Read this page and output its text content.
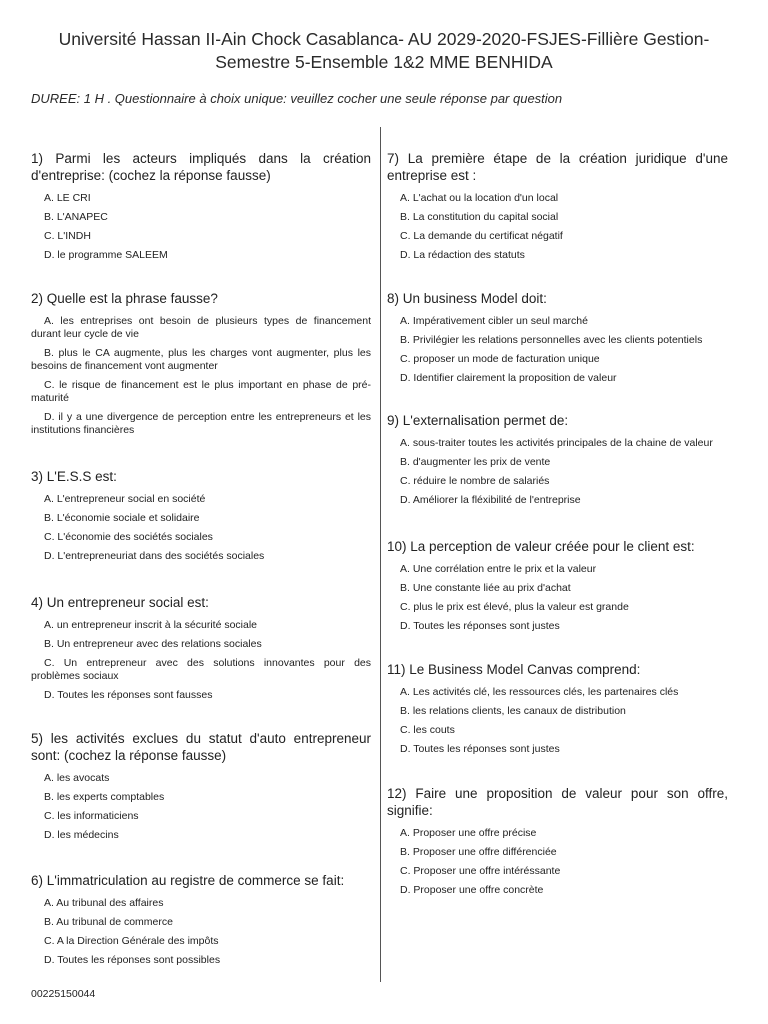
Université Hassan II-Ain Chock Casablanca- AU 2029-2020-FSJES-Fillière Gestion-
Semestre 5-Ensemble 1&2 MME BENHIDA
DUREE: 1 H . Questionnaire à choix unique: veuillez cocher une seule réponse par question

1) Parmi les acteurs impliqués dans la création d'entreprise: (cochez la réponse fausse)

A. LE CRI

B. L'ANAPEC

C. L'INDH

D. le programme SALEEM

2) Quelle est la phrase fausse?

A. les entreprises ont besoin de plusieurs types de financement durant leur cycle de vie

B. plus le CA augmente, plus les charges vont augmenter, plus les besoins de financement vont augmenter

C. le risque de financement est le plus important en phase de pré-maturité

D. il y a une divergence de perception entre les entrepreneurs et les institutions financières

3) L'E.S.S est:

A. L'entrepreneur social en société

B. L'économie sociale et solidaire

C. L'économie des sociétés sociales

D. L'entrepreneuriat dans des sociétés sociales

4) Un entrepreneur social est:

A. un entrepreneur inscrit à la sécurité sociale

B. Un entrepreneur avec des relations sociales

C. Un entrepreneur avec des solutions innovantes pour des problèmes sociaux

D. Toutes les réponses sont fausses

5) les activités exclues du statut d'auto entrepreneur sont: (cochez la réponse fausse)

A. les avocats

B. les experts comptables

C. les informaticiens

D. les médecins

6) L'immatriculation au registre de commerce se fait:

A. Au tribunal des affaires

B. Au tribunal de commerce

C. A la Direction Générale des impôts

D. Toutes les réponses sont possibles

7) La première étape de la création juridique d'une entreprise est :

A. L'achat ou la location d'un local

B. La constitution du capital social

C. La demande du certificat négatif

D. La rédaction des statuts

8) Un business Model doit:

A. Impérativement cibler un seul marché

B. Privilégier les relations personnelles avec les clients potentiels

C. proposer un mode de facturation unique

D. Identifier clairement la proposition de valeur

9) L'externalisation permet de:

A. sous-traiter toutes les activités principales de la chaine de valeur

B. d'augmenter les prix de vente

C. réduire le nombre de salariés

D. Améliorer la fléxibilité de l'entreprise

10) La perception de valeur créée pour le client est:

A. Une corrélation entre le prix et la valeur

B. Une constante liée au prix d'achat

C. plus le prix est élevé, plus la valeur est grande

D. Toutes les réponses sont justes

11) Le Business Model Canvas comprend:

A. Les activités clé, les ressources clés, les partenaires clés

B. les relations clients, les canaux de distribution

C. les couts

D. Toutes les réponses sont justes

12) Faire une proposition de valeur pour son offre, signifie:

A. Proposer une offre précise

B. Proposer une offre différenciée

C. Proposer une offre intéréssante

D. Proposer une offre concrète

00225150044
